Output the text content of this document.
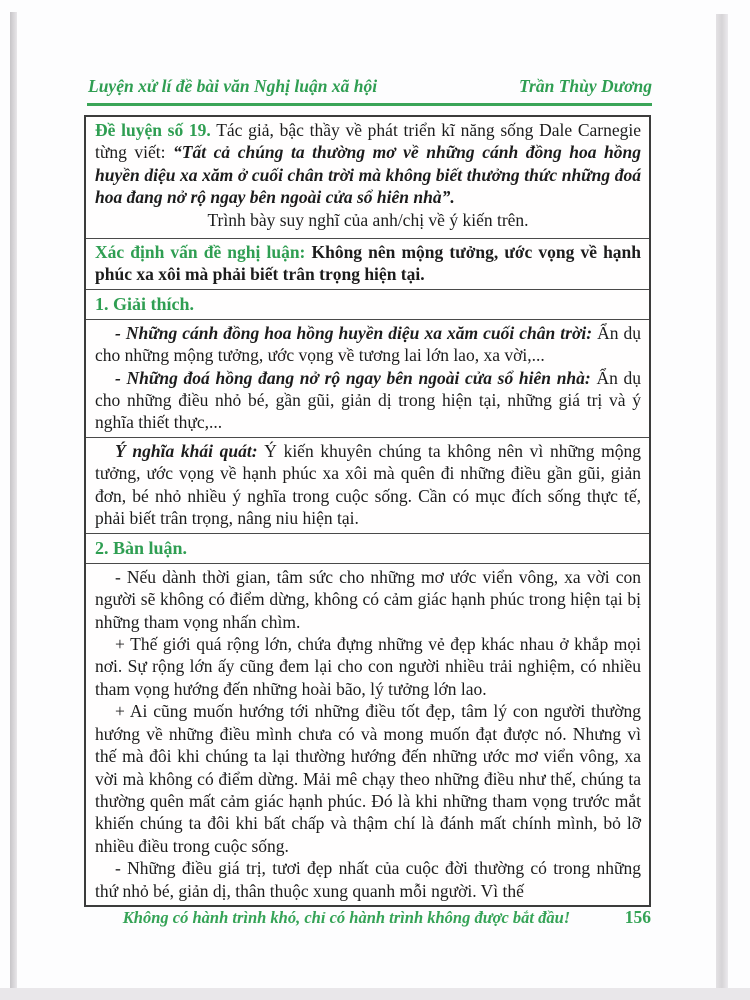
Luyện xử lí đề bài văn Nghị luận xã hội	Trần Thùy Dương

Đề luyện số 19. Tác giả, bậc thầy về phát triển kĩ năng sống Dale Carnegie từng viết: “Tất cả chúng ta thường mơ về những cánh đồng hoa hồng huyền diệu xa xăm ở cuối chân trời mà không biết thưởng thức những đoá hoa đang nở rộ ngay bên ngoài cửa sổ hiên nhà”.

Trình bày suy nghĩ của anh/chị về ý kiến trên.

Xác định vấn đề nghị luận: Không nên mộng tưởng, ước vọng về hạnh phúc xa xôi mà phải biết trân trọng hiện tại.

1. Giải thích.

- Những cánh đồng hoa hồng huyền diệu xa xăm cuối chân trời: Ẩn dụ cho những mộng tưởng, ước vọng về tương lai lớn lao, xa vời,...

- Những đoá hồng đang nở rộ ngay bên ngoài cửa sổ hiên nhà: Ẩn dụ cho những điều nhỏ bé, gần gũi, giản dị trong hiện tại, những giá trị và ý nghĩa thiết thực,...

Ý nghĩa khái quát: Ý kiến khuyên chúng ta không nên vì những mộng tưởng, ước vọng về hạnh phúc xa xôi mà quên đi những điều gần gũi, giản đơn, bé nhỏ nhiều ý nghĩa trong cuộc sống. Cần có mục đích sống thực tế, phải biết trân trọng, nâng niu hiện tại.

2. Bàn luận.

- Nếu dành thời gian, tâm sức cho những mơ ước viển vông, xa vời con người sẽ không có điểm dừng, không có cảm giác hạnh phúc trong hiện tại bị những tham vọng nhấn chìm.

+ Thế giới quá rộng lớn, chứa đựng những vẻ đẹp khác nhau ở khắp mọi nơi. Sự rộng lớn ấy cũng đem lại cho con người nhiều trải nghiệm, có nhiều tham vọng hướng đến những hoài bão, lý tưởng lớn lao.

+ Ai cũng muốn hướng tới những điều tốt đẹp, tâm lý con người thường hướng về những điều mình chưa có và mong muốn đạt được nó. Nhưng vì thế mà đôi khi chúng ta lại thường hướng đến những ước mơ viển vông, xa vời mà không có điểm dừng. Mải mê chạy theo những điều như thế, chúng ta thường quên mất cảm giác hạnh phúc. Đó là khi những tham vọng trước mắt khiến chúng ta đôi khi bất chấp và thậm chí là đánh mất chính mình, bỏ lỡ nhiều điều trong cuộc sống.

- Những điều giá trị, tươi đẹp nhất của cuộc đời thường có trong những thứ nhỏ bé, giản dị, thân thuộc xung quanh mỗi người. Vì thế

Không có hành trình khó, chỉ có hành trình không được bắt đầu!	156
